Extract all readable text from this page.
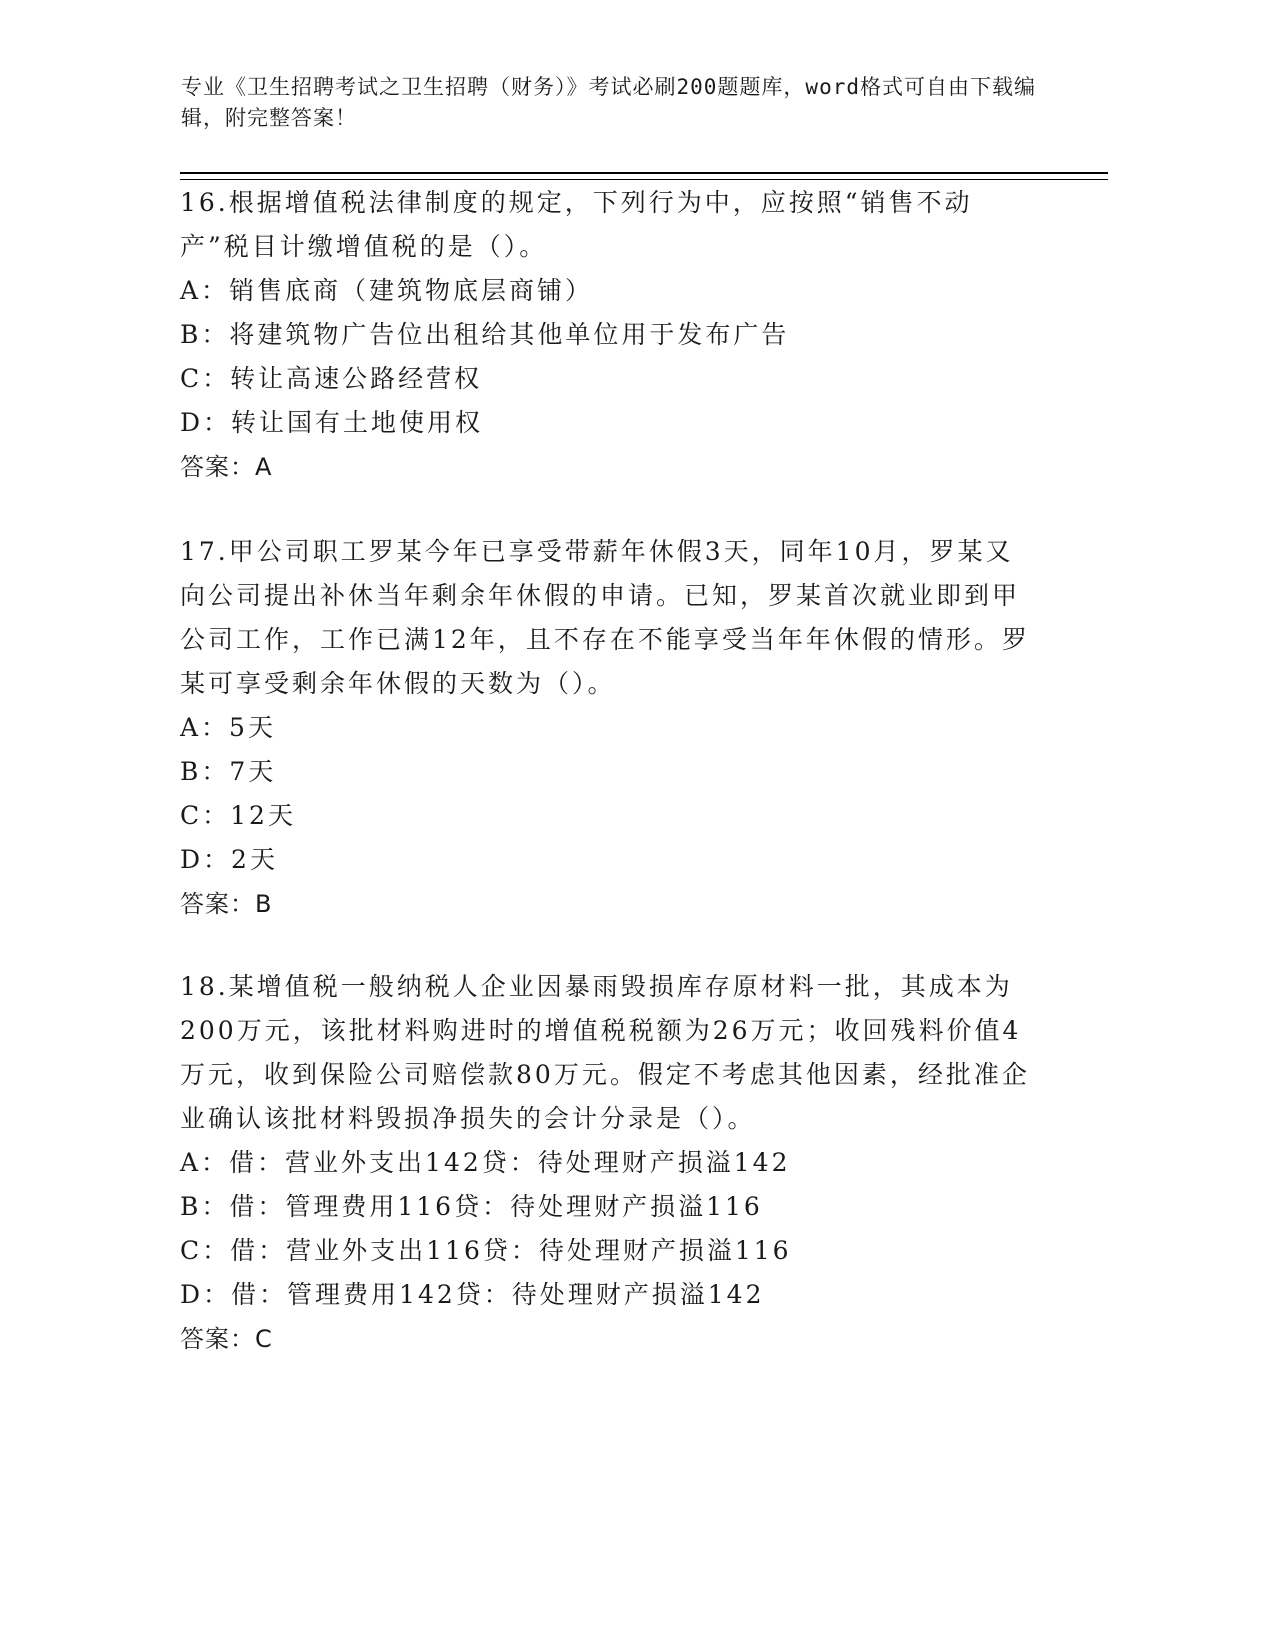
专业《卫生招聘考试之卫生招聘（财务）》考试必刷200题题库，word格式可自由下载编辑，附完整答案！

16.根据增值税法律制度的规定，下列行为中，应按照“销售不动产”税目计缴增值税的是（）。

A：销售底商（建筑物底层商铺）

B：将建筑物广告位出租给其他单位用于发布广告

C：转让高速公路经营权

D：转让国有土地使用权

答案：A

17.甲公司职工罗某今年已享受带薪年休假3天，同年10月，罗某又向公司提出补休当年剩余年休假的申请。已知，罗某首次就业即到甲公司工作，工作已满12年，且不存在不能享受当年年休假的情形。罗某可享受剩余年休假的天数为（）。

A：5天

B：7天

C：12天

D：2天

答案：B

18.某增值税一般纳税人企业因暴雨毁损库存原材料一批，其成本为200万元，该批材料购进时的增值税税额为26万元；收回残料价值4万元，收到保险公司赔偿款80万元。假定不考虑其他因素，经批准企业确认该批材料毁损净损失的会计分录是（）。

A：借：营业外支出142贷：待处理财产损溢142

B：借：管理费用116贷：待处理财产损溢116

C：借：营业外支出116贷：待处理财产损溢116

D：借：管理费用142贷：待处理财产损溢142

答案：C
